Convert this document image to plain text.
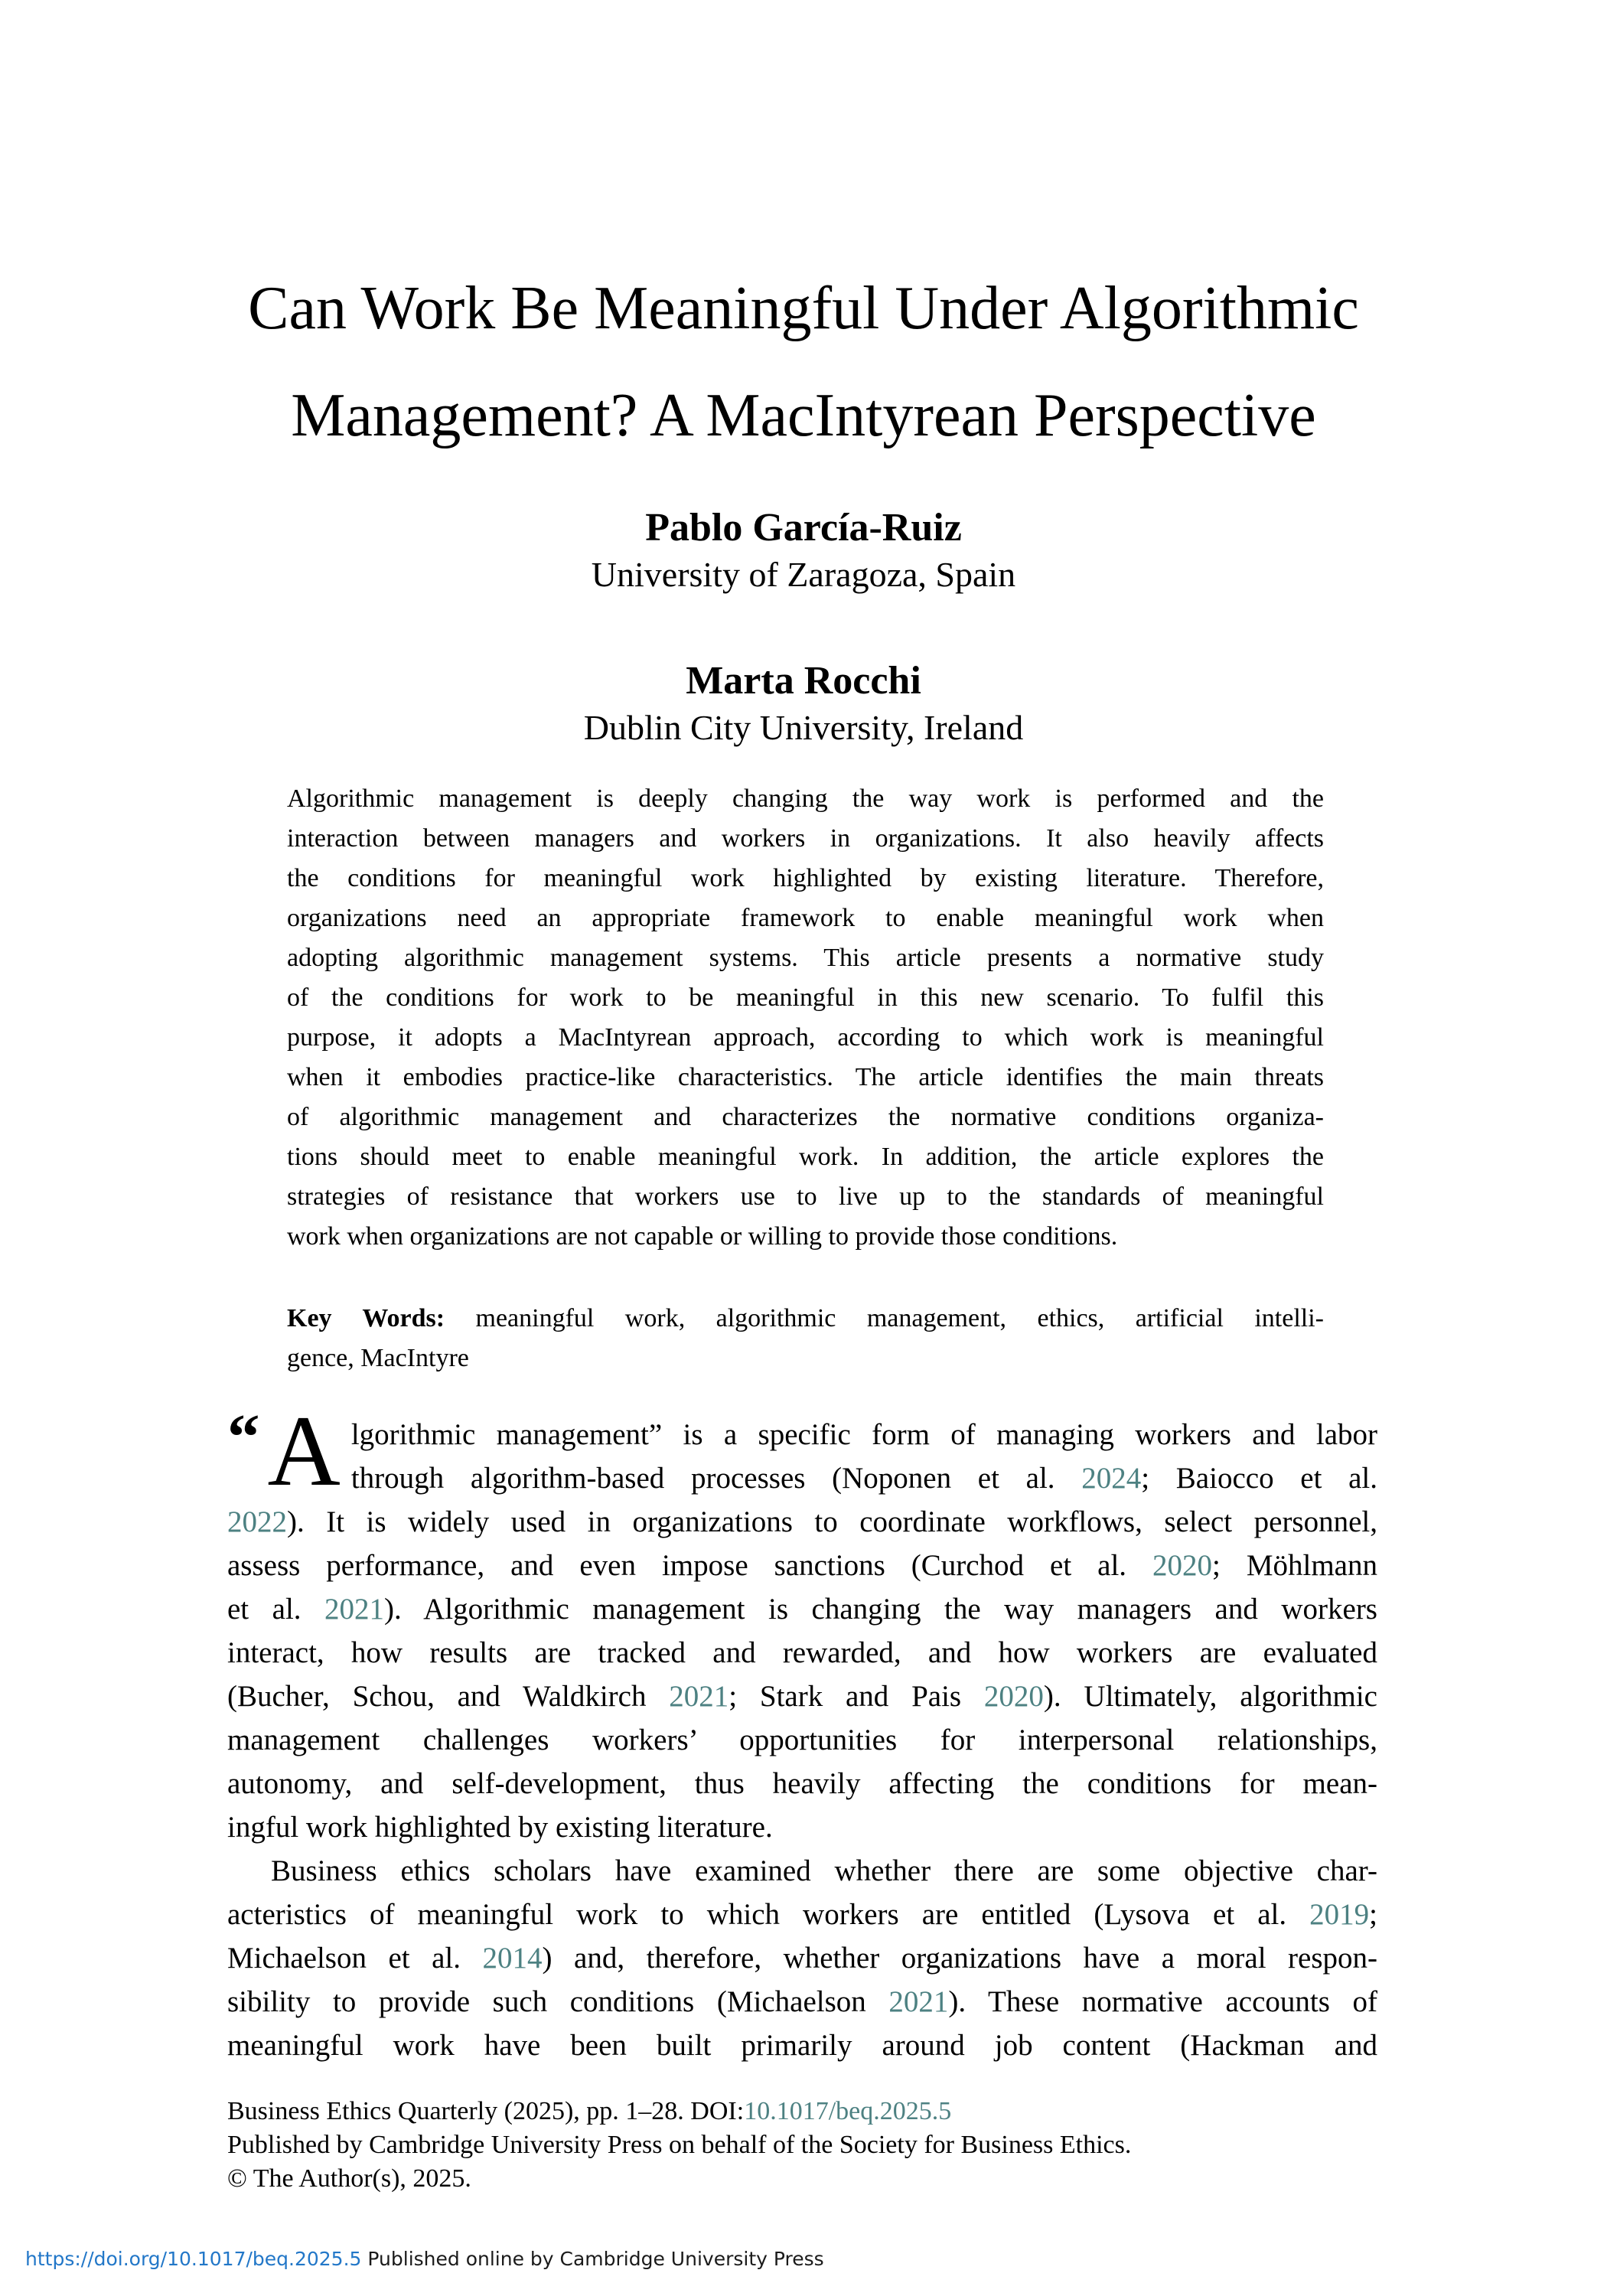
Can Work Be Meaningful Under Algorithmic
Management? A MacIntyrean Perspective
Pablo García-Ruiz
University of Zaragoza, Spain
Marta Rocchi
Dublin City University, Ireland
Algorithmic management is deeply changing the way work is performed and the
interaction between managers and workers in organizations. It also heavily affects
the conditions for meaningful work highlighted by existing literature. Therefore,
organizations need an appropriate framework to enable meaningful work when
adopting algorithmic management systems. This article presents a normative study
of the conditions for work to be meaningful in this new scenario. To fulfil this
purpose, it adopts a MacIntyrean approach, according to which work is meaningful
when it embodies practice-like characteristics. The article identifies the main threats
of algorithmic management and characterizes the normative conditions organiza-
tions should meet to enable meaningful work. In addition, the article explores the
strategies of resistance that workers use to live up to the standards of meaningful
work when organizations are not capable or willing to provide those conditions.
Key Words: meaningful work, algorithmic management, ethics, artificial intelli-
gence, MacIntyre
“ A lgorithmic management” is a specific form of managing workers and labor
through algorithm-based processes (Noponen et al. 2024; Baiocco et al.
2022). It is widely used in organizations to coordinate workflows, select personnel,
assess performance, and even impose sanctions (Curchod et al. 2020; Möhlmann
et al. 2021). Algorithmic management is changing the way managers and workers
interact, how results are tracked and rewarded, and how workers are evaluated
(Bucher, Schou, and Waldkirch 2021; Stark and Pais 2020). Ultimately, algorithmic
management challenges workers’ opportunities for interpersonal relationships,
autonomy, and self-development, thus heavily affecting the conditions for mean-
ingful work highlighted by existing literature.
Business ethics scholars have examined whether there are some objective char-
acteristics of meaningful work to which workers are entitled (Lysova et al. 2019;
Michaelson et al. 2014) and, therefore, whether organizations have a moral respon-
sibility to provide such conditions (Michaelson 2021). These normative accounts of
meaningful work have been built primarily around job content (Hackman and
Business Ethics Quarterly (2025), pp. 1–28. DOI:10.1017/beq.2025.5
Published by Cambridge University Press on behalf of the Society for Business Ethics.
© The Author(s), 2025.
https://doi.org/10.1017/beq.2025.5 Published online by Cambridge University Press
